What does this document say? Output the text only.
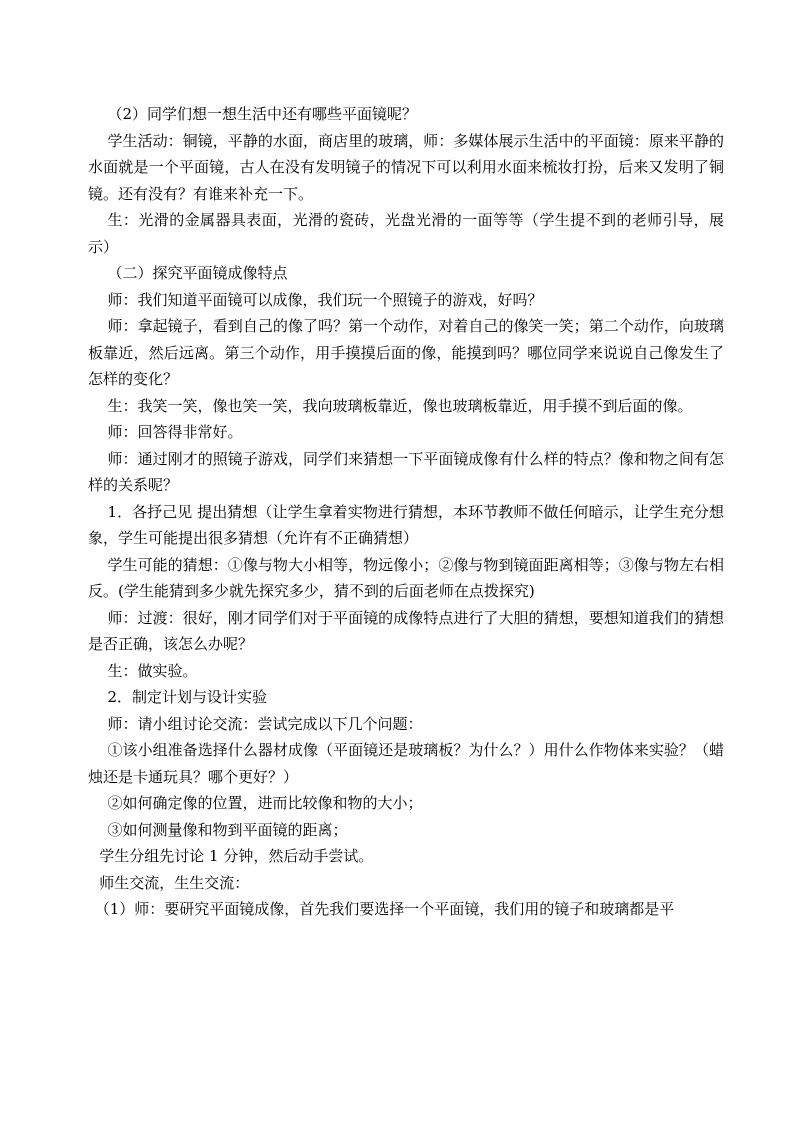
（2）同学们想一想生活中还有哪些平面镜呢？

学生活动：铜镜，平静的水面，商店里的玻璃，师：多媒体展示生活中的平面镜：原来平静的水面就是一个平面镜，古人在没有发明镜子的情况下可以利用水面来梳妆打扮，后来又发明了铜镜。还有没有？有谁来补充一下。

生：光滑的金属器具表面，光滑的瓷砖，光盘光滑的一面等等（学生提不到的老师引导，展示）

（二）探究平面镜成像特点

师：我们知道平面镜可以成像，我们玩一个照镜子的游戏，好吗？

师：拿起镜子，看到自己的像了吗？第一个动作，对着自己的像笑一笑；第二个动作，向玻璃板靠近，然后远离。第三个动作，用手摸摸后面的像，能摸到吗？哪位同学来说说自己像发生了怎样的变化？

生：我笑一笑，像也笑一笑，我向玻璃板靠近，像也玻璃板靠近，用手摸不到后面的像。

师：回答得非常好。

师：通过刚才的照镜子游戏，同学们来猜想一下平面镜成像有什么样的特点？像和物之间有怎样的关系呢？

1．各抒己见 提出猜想（让学生拿着实物进行猜想，本环节教师不做任何暗示，让学生充分想象，学生可能提出很多猜想（允许有不正确猜想）

学生可能的猜想：①像与物大小相等，物远像小；②像与物到镜面距离相等；③像与物左右相反。(学生能猜到多少就先探究多少，猜不到的后面老师在点拨探究)

师：过渡：很好，刚才同学们对于平面镜的成像特点进行了大胆的猜想，要想知道我们的猜想是否正确，该怎么办呢？

生：做实验。

2．制定计划与设计实验

师：请小组讨论交流：尝试完成以下几个问题：

①该小组准备选择什么器材成像（平面镜还是玻璃板？为什么？）用什么作物体来实验？（蜡烛还是卡通玩具？哪个更好？）

②如何确定像的位置，进而比较像和物的大小；

③如何测量像和物到平面镜的距离；

学生分组先讨论 1 分钟，然后动手尝试。

师生交流，生生交流：

（1）师：要研究平面镜成像，首先我们要选择一个平面镜，我们用的镜子和玻璃都是平
